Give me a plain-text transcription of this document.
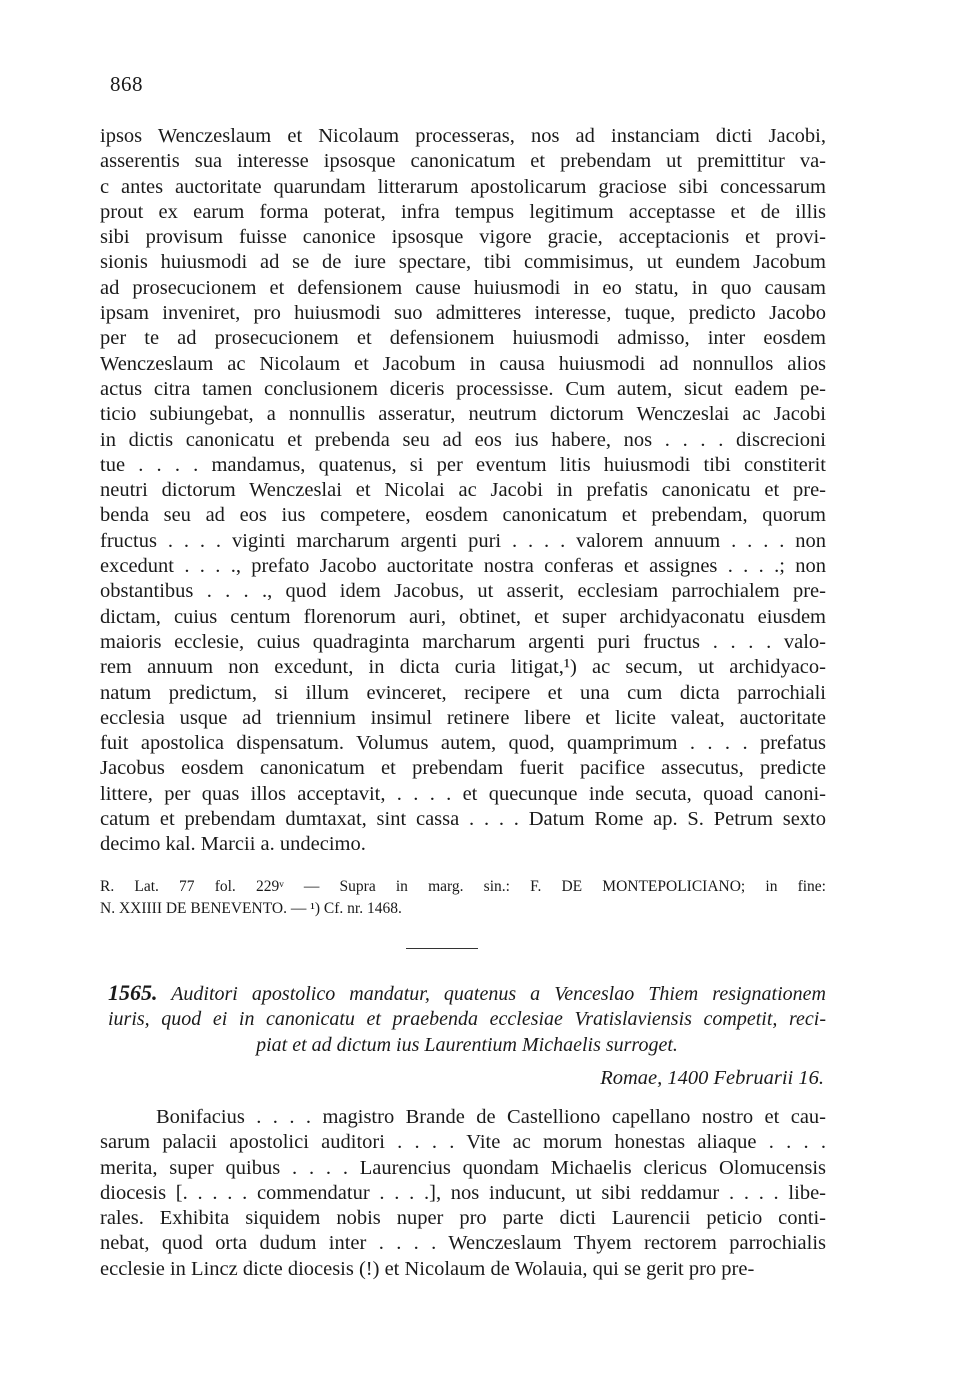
868
ipsos Wenczeslaum et Nicolaum processeras, nos ad instanciam dicti Jacobi,
asserentis sua interesse ipsosque canonicatum et prebendam ut premittitur va-
c antes auctoritate quarundam litterarum apostolicarum graciose sibi concessarum
prout ex earum forma poterat, infra tempus legitimum acceptasse et de illis
sibi provisum fuisse canonice ipsosque vigore gracie, acceptacionis et provi-
sionis huiusmodi ad se de iure spectare, tibi commisimus, ut eundem Jacobum
ad prosecucionem et defensionem cause huiusmodi in eo statu, in quo causam
ipsam inveniret, pro huiusmodi suo admitteres interesse, tuque, predicto Jacobo
per te ad prosecucionem et defensionem huiusmodi admisso, inter eosdem
Wenczeslaum ac Nicolaum et Jacobum in causa huiusmodi ad nonnullos alios
actus citra tamen conclusionem diceris processisse. Cum autem, sicut eadem pe-
ticio subiungebat, a nonnullis asseratur, neutrum dictorum Wenczeslai ac Jacobi
in dictis canonicatu et prebenda seu ad eos ius habere, nos . . . . discrecioni
tue . . . . mandamus, quatenus, si per eventum litis huiusmodi tibi constiterit
neutri dictorum Wenczeslai et Nicolai ac Jacobi in prefatis canonicatu et pre-
benda seu ad eos ius competere, eosdem canonicatum et prebendam, quorum
fructus . . . . viginti marcharum argenti puri . . . . valorem annuum . . . . non
excedunt . . . ., prefato Jacobo auctoritate nostra conferas et assignes . . . .; non
obstantibus . . . ., quod idem Jacobus, ut asserit, ecclesiam parrochialem pre-
dictam, cuius centum florenorum auri, obtinet, et super archidyaconatu eiusdem
maioris ecclesie, cuius quadraginta marcharum argenti puri fructus . . . . valo-
rem annuum non excedunt, in dicta curia litigat,¹) ac secum, ut archidyaco-
natum predictum, si illum evinceret, recipere et una cum dicta parrochiali
ecclesia usque ad triennium insimul retinere libere et licite valeat, auctoritate
fuit apostolica dispensatum. Volumus autem, quod, quamprimum . . . . prefatus
Jacobus eosdem canonicatum et prebendam fuerit pacifice assecutus, predicte
littere, per quas illos acceptavit, . . . . et quecunque inde secuta, quoad canoni-
catum et prebendam dumtaxat, sint cassa . . . . Datum Rome ap. S. Petrum sexto
decimo kal. Marcii a. undecimo.
R. Lat. 77 fol. 229ᵛ — Supra in marg. sin.: F. DE MONTEPOLICIANO; in fine:
N. XXIIII DE BENEVENTO. — ¹) Cf. nr. 1468.
1565. Auditori apostolico mandatur, quatenus a Venceslao Thiem resignationem
iuris, quod ei in canonicatu et praebenda ecclesiae Vratislaviensis competit, reci-
piat et ad dictum ius Laurentium Michaelis surroget.
Romae, 1400 Februarii 16.
Bonifacius . . . . magistro Brande de Castelliono capellano nostro et cau-
sarum palacii apostolici auditori . . . . Vite ac morum honestas aliaque . . . .
merita, super quibus . . . . Laurencius quondam Michaelis clericus Olomucensis
diocesis [. . . . . commendatur . . . .], nos inducunt, ut sibi reddamur . . . . libe-
rales. Exhibita siquidem nobis nuper pro parte dicti Laurencii peticio conti-
nebat, quod orta dudum inter . . . . Wenczeslaum Thyem rectorem parrochialis
ecclesie in Lincz dicte diocesis (!) et Nicolaum de Wolauia, qui se gerit pro pre-
